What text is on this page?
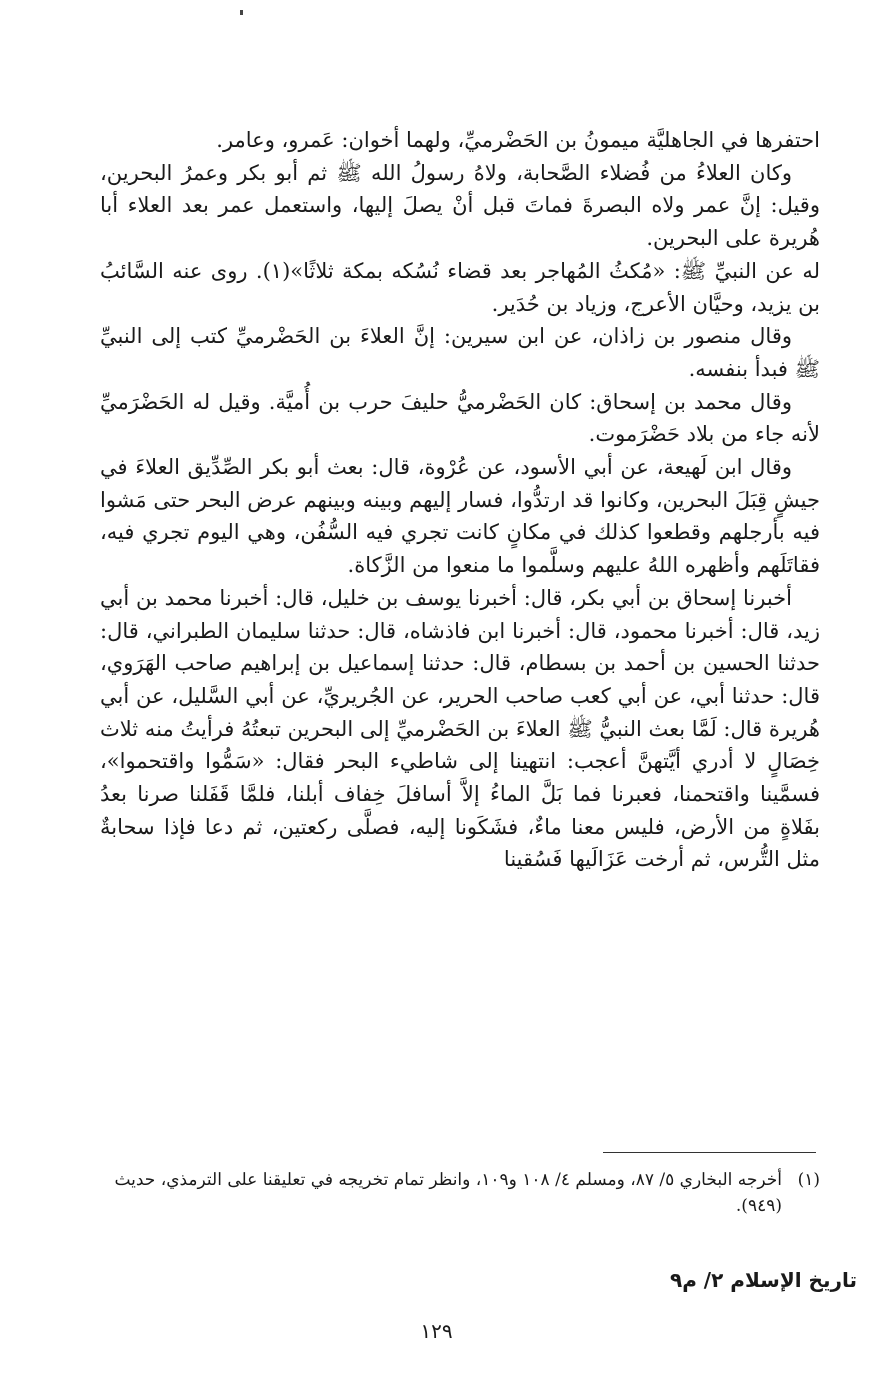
احتفرها في الجاهليَّة ميمونُ بن الحَضْرميِّ، ولهما أخوان: عَمرو، وعامر.

وكان العلاءُ من فُضلاء الصَّحابة، ولاهُ رسولُ الله ﷺ ثم أبو بكر وعمرُ البحرين، وقيل: إنَّ عمر ولاه البصرةَ فماتَ قبل أنْ يصلَ إليها، واستعمل عمر بعد العلاء أبا هُريرة على البحرين.

له عن النبيِّ ﷺ: «مُكثُ المُهاجر بعد قضاء نُسُكه بمكة ثلاثًا»(١). روى عنه السَّائبُ بن يزيد، وحيَّان الأعرج، وزياد بن حُدَير.

وقال منصور بن زاذان، عن ابن سيرين: إنَّ العلاءَ بن الحَضْرميِّ كتب إلى النبيِّ ﷺ فبدأ بنفسه.

وقال محمد بن إسحاق: كان الحَضْرميُّ حليفَ حرب بن أُميَّة. وقيل له الحَضْرَميِّ لأنه جاء من بلاد حَضْرَموت.

وقال ابن لَهيعة، عن أبي الأسود، عن عُرْوة، قال: بعث أبو بكر الصِّدِّيق العلاءَ في جيشٍ قِبَلَ البحرين، وكانوا قد ارتدُّوا، فسار إليهم وبينه وبينهم عرض البحر حتى مَشوا فيه بأرجلهم وقطعوا كذلك في مكانٍ كانت تجري فيه السُّفُن، وهي اليوم تجري فيه، فقاتَلَهم وأظهره اللهُ عليهم وسلَّموا ما منعوا من الزَّكاة.

أخبرنا إسحاق بن أبي بكر، قال: أخبرنا يوسف بن خليل، قال: أخبرنا محمد بن أبي زيد، قال: أخبرنا محمود، قال: أخبرنا ابن فاذشاه، قال: حدثنا سليمان الطبراني، قال: حدثنا الحسين بن أحمد بن بسطام، قال: حدثنا إسماعيل بن إبراهيم صاحب الهَرَوي، قال: حدثنا أبي، عن أبي كعب صاحب الحرير، عن الجُريريِّ، عن أبي السَّليل، عن أبي هُريرة قال: لَمَّا بعث النبيُّ ﷺ العلاءَ بن الحَضْرميِّ إلى البحرين تبعتُهُ فرأيتُ منه ثلاث خِصَالٍ لا أدري أيَّتهنَّ أعجب: انتهينا إلى شاطيء البحر فقال: «سَمُّوا واقتحموا»، فسمَّينا واقتحمنا، فعبرنا فما بَلَّ الماءُ إلاَّ أسافلَ خِفاف أبلنا، فلمَّا قَفَلنا صرنا بعدُ بفَلاةٍ من الأرض، فليس معنا ماءٌ، فشَكَونا إليه، فصلَّى ركعتين، ثم دعا فإذا سحابةٌ مثل التُّرس، ثم أرخت عَزَالَيها فَسُقينا

(١)
أخرجه البخاري ٥/ ٨٧، ومسلم ٤/ ١٠٨ و١٠٩، وانظر تمام تخريجه في تعليقنا على الترمذي، حديث (٩٤٩).
تاريخ الإسلام ٢/ م٩
١٢٩
